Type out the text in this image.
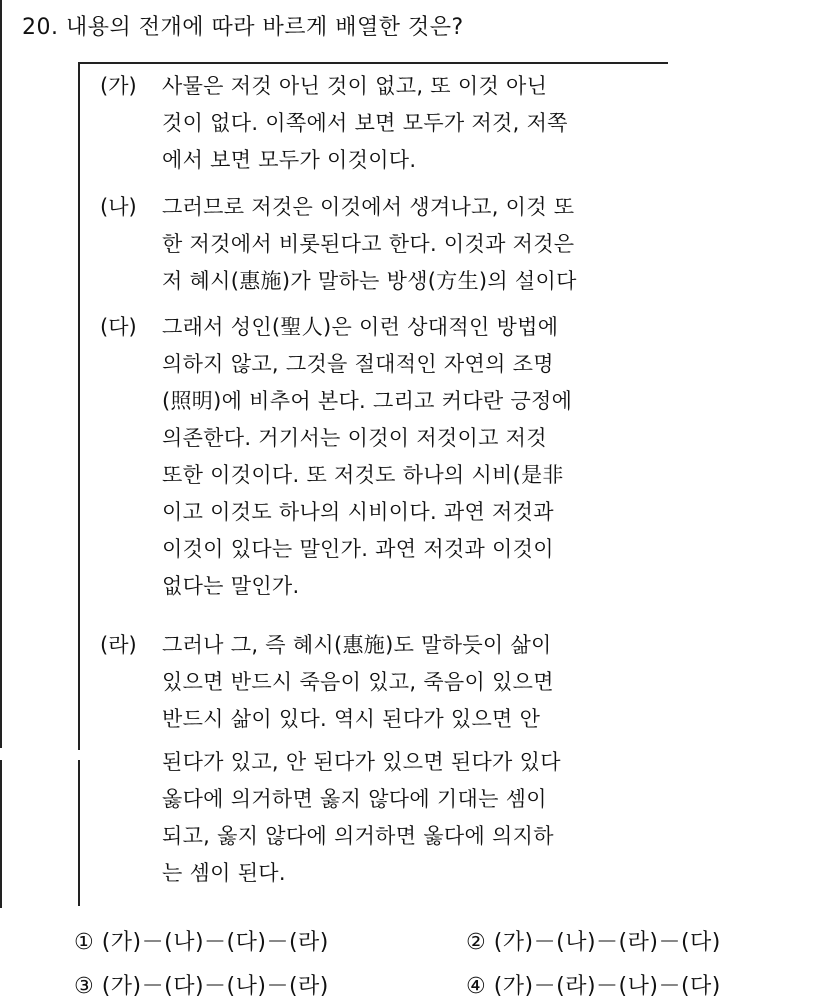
20. 내용의 전개에 따라 바르게 배열한 것은?
(가) 사물은 저것 아닌 것이 없고, 또 이것 아닌
것이 없다. 이쪽에서 보면 모두가 저것, 저쪽
에서 보면 모두가 이것이다.
(나) 그러므로 저것은 이것에서 생겨나고, 이것 또
한 저것에서 비롯된다고 한다. 이것과 저것은
저 혜시(惠施)가 말하는 방생(方生)의 설이다
(다) 그래서 성인(聖人)은 이런 상대적인 방법에
의하지 않고, 그것을 절대적인 자연의 조명
(照明)에 비추어 본다. 그리고 커다란 긍정에
의존한다. 거기서는 이것이 저것이고 저것
또한 이것이다. 또 저것도 하나의 시비(是非
이고 이것도 하나의 시비이다. 과연 저것과
이것이 있다는 말인가. 과연 저것과 이것이
없다는 말인가.
(라) 그러나 그, 즉 혜시(惠施)도 말하듯이 삶이
있으면 반드시 죽음이 있고, 죽음이 있으면
반드시 삶이 있다. 역시 된다가 있으면 안
된다가 있고, 안 된다가 있으면 된다가 있다
옳다에 의거하면 옳지 않다에 기대는 셈이
되고, 옳지 않다에 의거하면 옳다에 의지하
는 셈이 된다.
① (가)－(나)－(다)－(라)	② (가)－(나)－(라)－(다)
③ (가)－(다)－(나)－(라)	④ (가)－(라)－(나)－(다)
